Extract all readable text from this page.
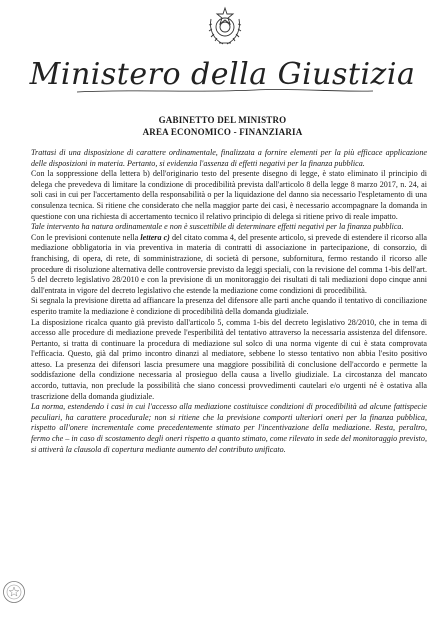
Ministero della Giustizia
GABINETTO DEL MINISTRO
AREA ECONOMICO - FINANZIARIA

Trattasi di una disposizione di carattere ordinamentale, finalizzata a fornire elementi per la più efficace applicazione delle disposizioni in materia. Pertanto, si evidenzia l'assenza di effetti negativi per la finanza pubblica.

Con la soppressione della lettera b) dell'originario testo del presente disegno di legge, è stato eliminato il principio di delega che prevedeva di limitare la condizione di procedibilità prevista dall'articolo 8 della legge 8 marzo 2017, n. 24, ai soli casi in cui per l'accertamento della responsabilità o per la liquidazione del danno sia necessario l'espletamento di una consulenza tecnica. Si ritiene che considerato che nella maggior parte dei casi, è necessario accompagnare la domanda in questione con una richiesta di accertamento tecnico il relativo principio di delega si ritiene privo di reale impatto.

Tale intervento ha natura ordinamentale e non è suscettibile di determinare effetti negativi per la finanza pubblica.

Con le previsioni contenute nella lettera c) del citato comma 4, del presente articolo, si prevede di estendere il ricorso alla mediazione obbligatoria in via preventiva in materia di contratti di associazione in partecipazione, di consorzio, di franchising, di opera, di rete, di somministrazione, di società di persone, subfornitura, fermo restando il ricorso alle procedure di risoluzione alternativa delle controversie previsto da leggi speciali, con la revisione del comma 1-bis dell'art. 5 del decreto legislativo 28/2010 e con la previsione di un monitoraggio dei risultati di tali mediazioni dopo cinque anni dall'entrata in vigore del decreto legislativo che estende la mediazione come condizioni di procedibilità.

Si segnala la previsione diretta ad affiancare la presenza del difensore alle parti anche quando il tentativo di conciliazione esperito tramite la mediazione è condizione di procedibilità della domanda giudiziale.

La disposizione ricalca quanto già previsto dall'articolo 5, comma 1-bis del decreto legislativo 28/2010, che in tema di accesso alle procedure di mediazione prevede l'esperibilità del tentativo attraverso la necessaria assistenza del difensore. Pertanto, si tratta di continuare la procedura di mediazione sul solco di una norma vigente di cui è stata comprovata l'efficacia. Questo, già dal primo incontro dinanzi al mediatore, sebbene lo stesso tentativo non abbia l'esito positivo atteso. La presenza dei difensori lascia presumere una maggiore possibilità di conclusione dell'accordo e permette la soddisfazione della condizione necessaria al prosieguo della causa a livello giudiziale. La circostanza del mancato accordo, tuttavia, non preclude la possibilità che siano concessi provvedimenti cautelari e/o urgenti né è ostativa alla trascrizione della domanda giudiziale.

La norma, estendendo i casi in cui l'accesso alla mediazione costituisce condizioni di procedibilità ad alcune fattispecie peculiari, ha carattere procedurale; non si ritiene che la previsione comporti ulteriori oneri per la finanza pubblica, rispetto all'onere incrementale come precedentemente stimato per l'incentivazione della mediazione. Resta, peraltro, fermo che – in caso di scostamento degli oneri rispetto a quanto stimato, come rilevato in sede del monitoraggio previsto, si attiverà la clausola di copertura mediante aumento del contributo unificato.
